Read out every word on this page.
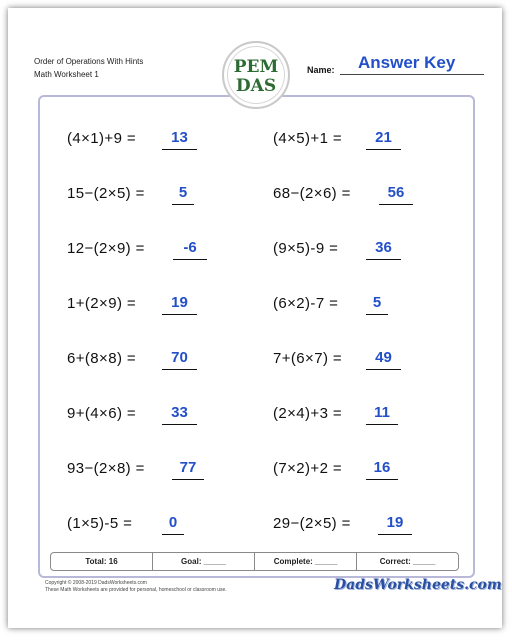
Order of Operations With Hints
Math Worksheet 1	PEM
DAS
Name: Answer Key
(4×1)+9 =	13
15−(2×5) =	5
12−(2×9) =	-6
1+(2×9) =	19
6+(8×8) =	70
9+(4×6) =	33
93−(2×8) =	77
(1×5)-5 =	0
(4×5)+1 =	21
68−(2×6) =	56
(9×5)-9 =	36
(6×2)-7 =	5
7+(6×7) =	49
(2×4)+3 =	11
(7×2)+2 =	16
29−(2×5) =	19
Total: 16	Goal: _____	Complete: _____	Correct: _____
Copyright © 2008-2019 DadsWorksheets.com
These Math Worksheets are provided for personal, homeschool or classroom use.	DadsWorksheets.com
